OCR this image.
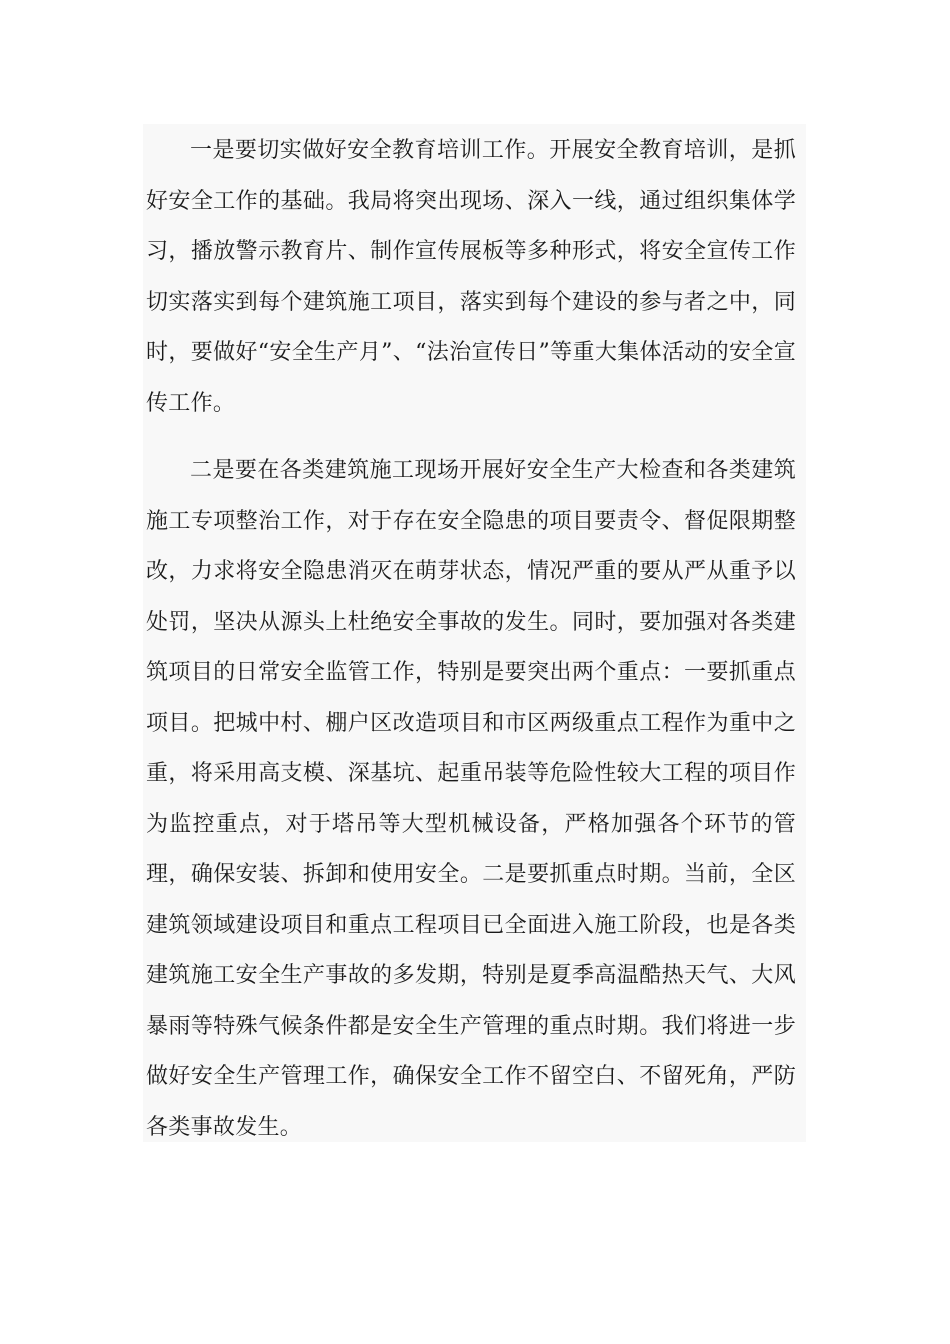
一是要切实做好安全教育培训工作。开展安全教育培训，是抓好安全工作的基础。我局将突出现场、深入一线，通过组织集体学习，播放警示教育片、制作宣传展板等多种形式，将安全宣传工作切实落实到每个建筑施工项目，落实到每个建设的参与者之中，同时，要做好“安全生产月”、“法治宣传日”等重大集体活动的安全宣传工作。

二是要在各类建筑施工现场开展好安全生产大检查和各类建筑施工专项整治工作，对于存在安全隐患的项目要责令、督促限期整改，力求将安全隐患消灭在萌芽状态，情况严重的要从严从重予以处罚，坚决从源头上杜绝安全事故的发生。同时，要加强对各类建筑项目的日常安全监管工作，特别是要突出两个重点：一要抓重点项目。把城中村、棚户区改造项目和市区两级重点工程作为重中之重，将采用高支模、深基坑、起重吊装等危险性较大工程的项目作为监控重点，对于塔吊等大型机械设备，严格加强各个环节的管理，确保安装、拆卸和使用安全。二是要抓重点时期。当前，全区建筑领域建设项目和重点工程项目已全面进入施工阶段，也是各类建筑施工安全生产事故的多发期，特别是夏季高温酷热天气、大风暴雨等特殊气候条件都是安全生产管理的重点时期。我们将进一步做好安全生产管理工作，确保安全工作不留空白、不留死角，严防各类事故发生。
